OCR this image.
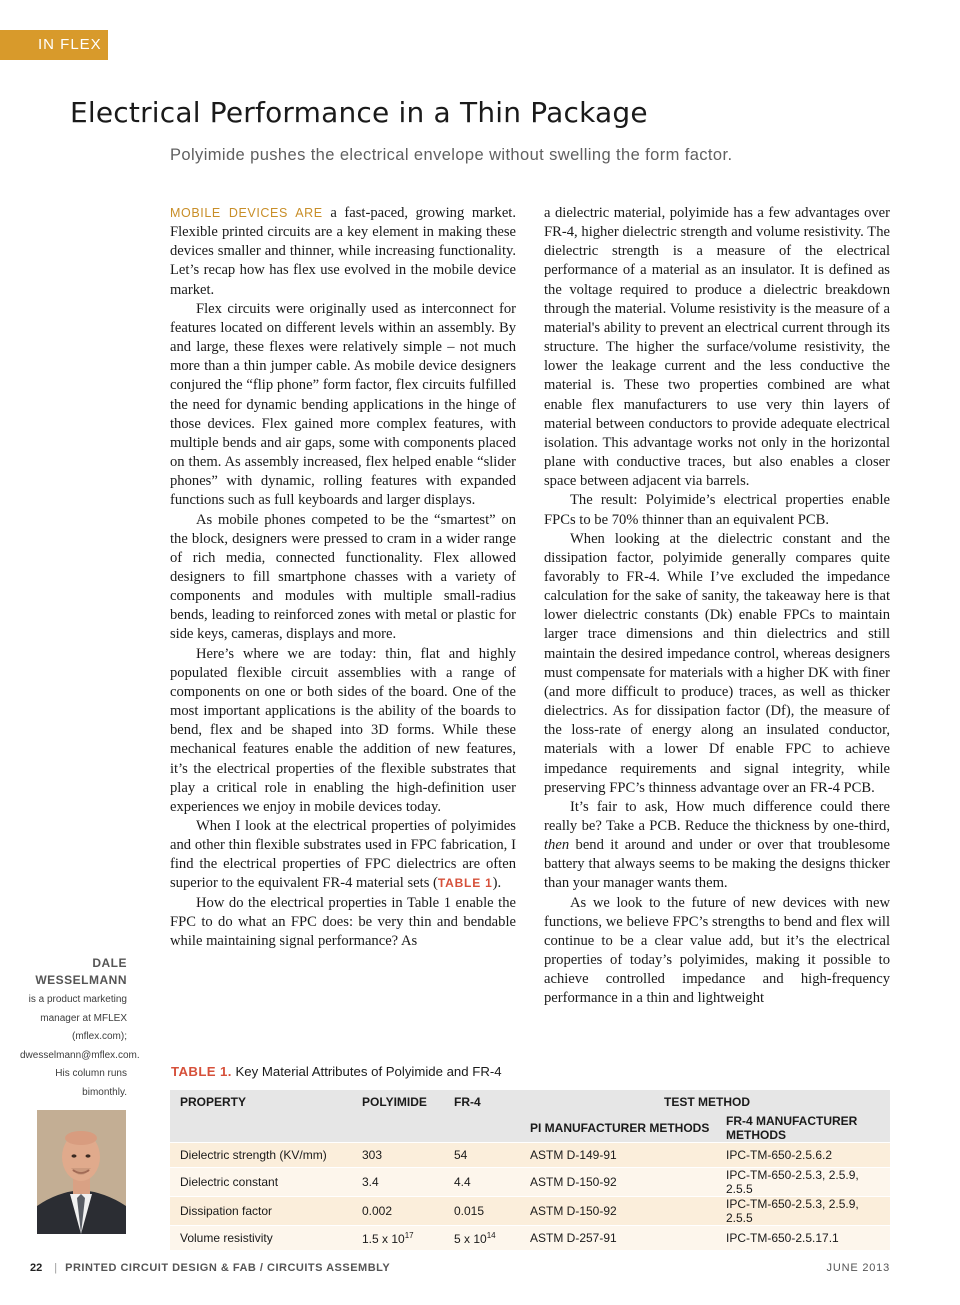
IN FLEX
Electrical Performance in a Thin Package

Polyimide pushes the electrical envelope without swelling the form factor.

MOBILE DEVICES ARE a fast-paced, growing market. Flexible printed circuits are a key element in making these devices smaller and thinner, while increasing functionality. Let’s recap how has flex use evolved in the mobile device market.

Flex circuits were originally used as interconnect for features located on different levels within an assembly. By and large, these flexes were relatively simple – not much more than a thin jumper cable. As mobile device designers conjured the “flip phone” form factor, flex circuits fulfilled the need for dynamic bending applications in the hinge of those devices. Flex gained more complex features, with multiple bends and air gaps, some with components placed on them. As assembly increased, flex helped enable “slider phones” with dynamic, rolling features with expanded functions such as full keyboards and larger displays.

As mobile phones competed to be the “smartest” on the block, designers were pressed to cram in a wider range of rich media, connected functionality. Flex allowed designers to fill smartphone chasses with a variety of components and modules with multiple small-radius bends, leading to reinforced zones with metal or plastic for side keys, cameras, displays and more.

Here’s where we are today: thin, flat and highly populated flexible circuit assemblies with a range of components on one or both sides of the board. One of the most important applications is the ability of the boards to bend, flex and be shaped into 3D forms. While these mechanical features enable the addition of new features, it’s the electrical properties of the flexible substrates that play a critical role in enabling the high-definition user experiences we enjoy in mobile devices today.

When I look at the electrical properties of polyimides and other thin flexible substrates used in FPC fabrication, I find the electrical properties of FPC dielectrics are often superior to the equivalent FR-4 material sets (TABLE 1).

How do the electrical properties in Table 1 enable the FPC to do what an FPC does: be very thin and bendable while maintaining signal performance? As

a dielectric material, polyimide has a few advantages over FR-4, higher dielectric strength and volume resistivity. The dielectric strength is a measure of the electrical performance of a material as an insulator. It is defined as the voltage required to produce a dielectric breakdown through the material. Volume resistivity is the measure of a material's ability to prevent an electrical current through its structure. The higher the surface/volume resistivity, the lower the leakage current and the less conductive the material is. These two properties combined are what enable flex manufacturers to use very thin layers of material between conductors to provide adequate electrical isolation. This advantage works not only in the horizontal plane with conductive traces, but also enables a closer space between adjacent via barrels.

The result: Polyimide’s electrical properties enable FPCs to be 70% thinner than an equivalent PCB.

When looking at the dielectric constant and the dissipation factor, polyimide generally compares quite favorably to FR-4. While I’ve excluded the impedance calculation for the sake of sanity, the takeaway here is that lower dielectric constants (Dk) enable FPCs to maintain larger trace dimensions and thin dielectrics and still maintain the desired impedance control, whereas designers must compensate for materials with a higher DK with finer (and more difficult to produce) traces, as well as thicker dielectrics. As for dissipation factor (Df), the measure of the loss-rate of energy along an insulated conductor, materials with a lower Df enable FPC to achieve impedance requirements and signal integrity, while preserving FPC’s thinness advantage over an FR-4 PCB.

It’s fair to ask, How much difference could there really be? Take a PCB. Reduce the thickness by one-third, then bend it around and under or over that troublesome battery that always seems to be making the designs thicker than your manager wants them.

As we look to the future of new devices with new functions, we believe FPC’s strengths to bend and flex will continue to be a clear value add, but it’s the electrical properties of today’s polyimides, making it possible to achieve controlled impedance and high-frequency performance in a thin and lightweight

DALE
WESSELMANN

is a product marketing manager at MFLEX (mflex.com); dwesselmann@mflex.com. His column runs bimonthly.

TABLE 1. Key Material Attributes of Polyimide and FR-4

PROPERTY	POLYIMIDE	FR-4	TEST METHOD	
			PI MANUFACTURER METHODS	FR-4 MANUFACTURER METHODS
Dielectric strength (KV/mm)	303	54	ASTM D-149-91	IPC-TM-650-2.5.6.2
Dielectric constant	3.4	4.4	ASTM D-150-92	IPC-TM-650-2.5.3, 2.5.9, 2.5.5
Dissipation factor	0.002	0.015	ASTM D-150-92	IPC-TM-650-2.5.3, 2.5.9, 2.5.5
Volume resistivity	1.5 x $10^{17}$	5 x $10^{14}$	ASTM D-257-91	IPC-TM-650-2.5.17.1
22 | PRINTED CIRCUIT DESIGN & FAB / CIRCUITS ASSEMBLY	JUNE 2013
